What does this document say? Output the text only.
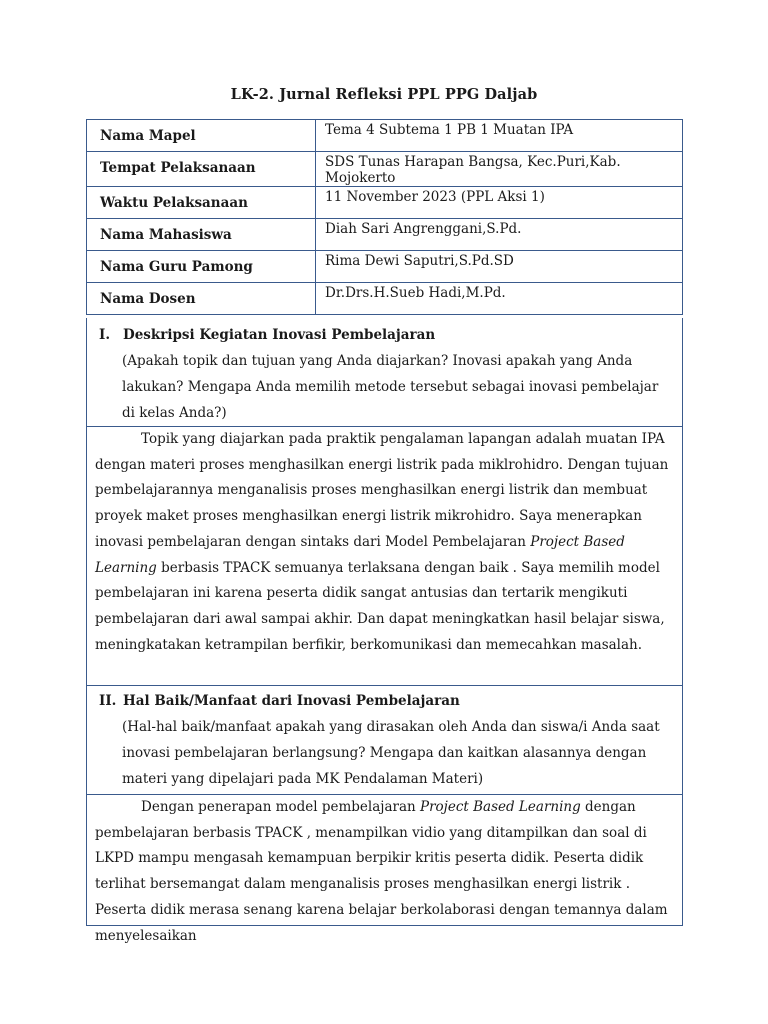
LK-2. Jurnal Refleksi PPL PPG Daljab
Nama Mapel	Tema 4 Subtema 1 PB 1 Muatan IPA
Tempat Pelaksanaan	SDS Tunas Harapan Bangsa, Kec.Puri,Kab. Mojokerto
Waktu Pelaksanaan	11 November 2023 (PPL Aksi 1)
Nama Mahasiswa	Diah Sari Angrenggani,S.Pd.
Nama Guru Pamong	Rima Dewi Saputri,S.Pd.SD
Nama Dosen	Dr.Drs.H.Sueb Hadi,M.Pd.
I. Deskripsi Kegiatan Inovasi Pembelajaran
(Apakah topik dan tujuan yang Anda diajarkan? Inovasi apakah yang Anda lakukan? Mengapa Anda memilih metode tersebut sebagai inovasi pembelajar di kelas Anda?)
Topik yang diajarkan pada praktik pengalaman lapangan adalah muatan IPA dengan materi proses menghasilkan energi listrik pada miklrohidro. Dengan tujuan pembelajarannya menganalisis proses menghasilkan energi listrik dan membuat proyek maket proses menghasilkan energi listrik mikrohidro. Saya menerapkan inovasi pembelajaran dengan sintaks dari Model Pembelajaran Project Based Learning berbasis TPACK semuanya terlaksana dengan baik . Saya memilih model pembelajaran ini karena peserta didik sangat antusias dan tertarik mengikuti pembelajaran dari awal sampai akhir. Dan dapat meningkatkan hasil belajar siswa, meningkatakan ketrampilan berfikir, berkomunikasi dan memecahkan masalah.
II. Hal Baik/Manfaat dari Inovasi Pembelajaran
(Hal-hal baik/manfaat apakah yang dirasakan oleh Anda dan siswa/i Anda saat inovasi pembelajaran berlangsung? Mengapa dan kaitkan alasannya dengan materi yang dipelajari pada MK Pendalaman Materi)
Dengan penerapan model pembelajaran Project Based Learning dengan pembelajaran berbasis TPACK , menampilkan vidio yang ditampilkan dan soal di LKPD mampu mengasah kemampuan berpikir kritis peserta didik. Peserta didik terlihat bersemangat dalam menganalisis proses menghasilkan energi listrik . Peserta didik merasa senang karena belajar berkolaborasi dengan temannya dalam menyelesaikan
